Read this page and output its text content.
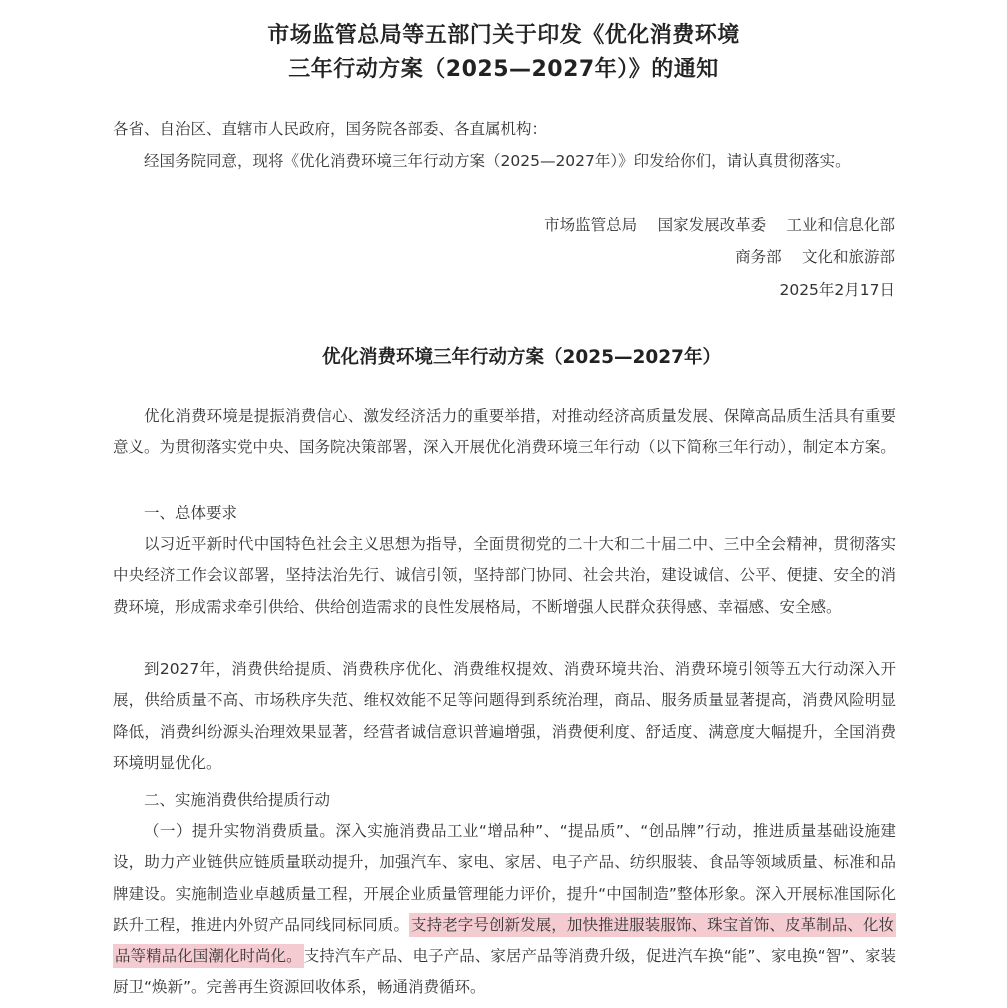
市场监管总局等五部门关于印发《优化消费环境
三年行动方案（2025—2027年）》的通知
各省、自治区、直辖市人民政府，国务院各部委、各直属机构：
经国务院同意，现将《优化消费环境三年行动方案（2025—2027年）》印发给你们，请认真贯彻落实。
市场监管总局　 国家发展改革委　 工业和信息化部
商务部　 文化和旅游部
2025年2月17日
优化消费环境三年行动方案（2025—2027年）
优化消费环境是提振消费信心、激发经济活力的重要举措，对推动经济高质量发展、保障高品质生活具有重要意义。为贯彻落实党中央、国务院决策部署，深入开展优化消费环境三年行动（以下简称三年行动），制定本方案。
一、总体要求
以习近平新时代中国特色社会主义思想为指导，全面贯彻党的二十大和二十届二中、三中全会精神，贯彻落实中央经济工作会议部署，坚持法治先行、诚信引领，坚持部门协同、社会共治，建设诚信、公平、便捷、安全的消费环境，形成需求牵引供给、供给创造需求的良性发展格局，不断增强人民群众获得感、幸福感、安全感。
到2027年，消费供给提质、消费秩序优化、消费维权提效、消费环境共治、消费环境引领等五大行动深入开展，供给质量不高、市场秩序失范、维权效能不足等问题得到系统治理，商品、服务质量显著提高，消费风险明显降低，消费纠纷源头治理效果显著，经营者诚信意识普遍增强，消费便利度、舒适度、满意度大幅提升，全国消费环境明显优化。
二、实施消费供给提质行动
（一）提升实物消费质量。深入实施消费品工业“增品种”、“提品质”、“创品牌”行动，推进质量基础设施建设，助力产业链供应链质量联动提升，加强汽车、家电、家居、电子产品、纺织服装、食品等领域质量、标准和品牌建设。实施制造业卓越质量工程，开展企业质量管理能力评价，提升“中国制造”整体形象。深入开展标准国际化跃升工程，推进内外贸产品同线同标同质。 支持老字号创新发展，加快推进服装服饰、珠宝首饰、皮革制品、化妆品等精品化国潮化时尚化。 支持汽车产品、电子产品、家居产品等消费升级，促进汽车换“能”、家电换“智”、家装厨卫“焕新”。完善再生资源回收体系，畅通消费循环。
